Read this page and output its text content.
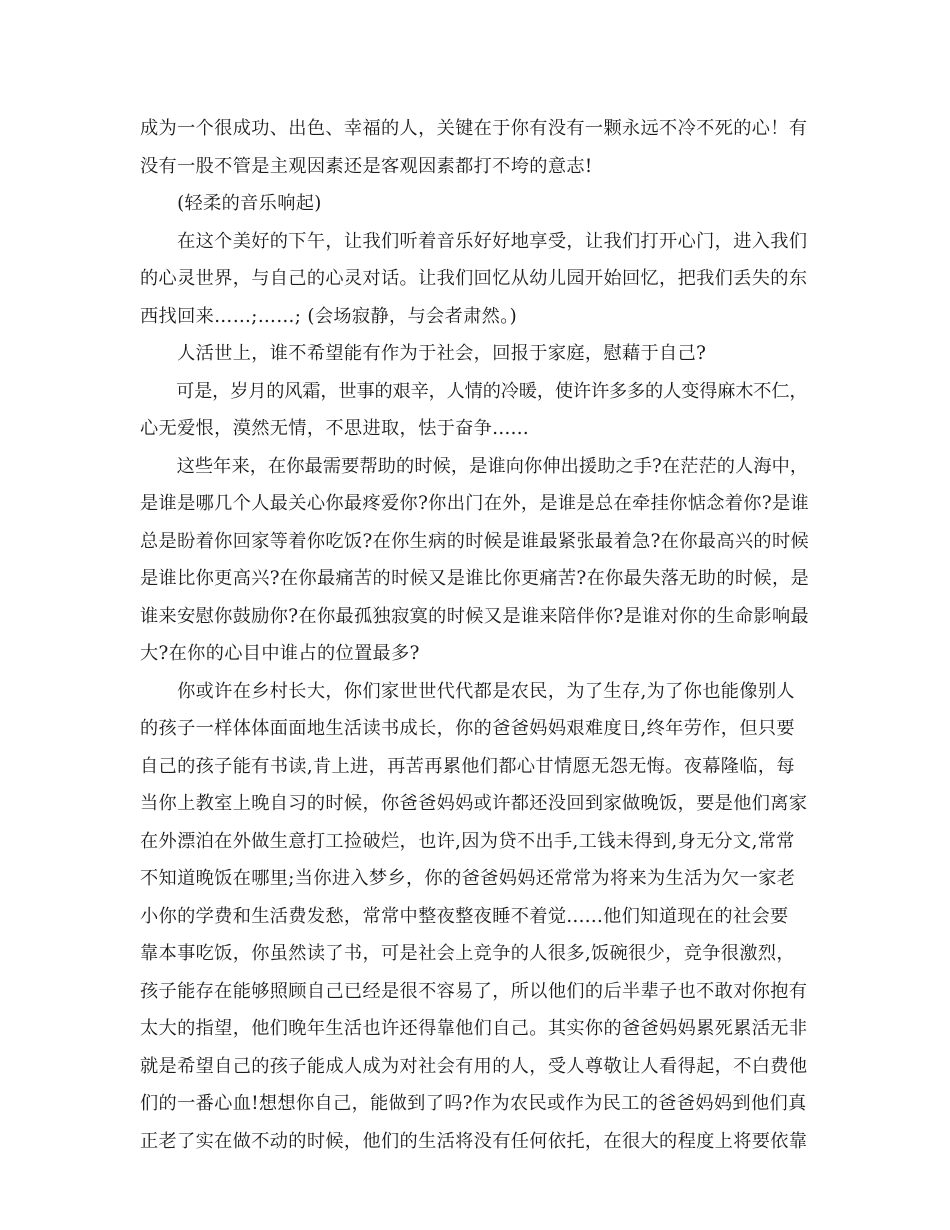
成为一个很成功、出色、幸福的人，关键在于你有没有一颗永远不冷不死的心！有
没有一股不管是主观因素还是客观因素都打不垮的意志!
　　(轻柔的音乐响起)
　　在这个美好的下午，让我们听着音乐好好地享受，让我们打开心门，进入我们
的心灵世界，与自己的心灵对话。让我们回忆从幼儿园开始回忆，把我们丢失的东
西找回来……;……; (会场寂静，与会者肃然。)
　　人活世上，谁不希望能有作为于社会，回报于家庭，慰藉于自己?
　　可是，岁月的风霜，世事的艰辛，人情的冷暖，使许许多多的人变得麻木不仁，
心无爱恨，漠然无情，不思进取，怯于奋争......
　　这些年来，在你最需要帮助的时候，是谁向你伸出援助之手?在茫茫的人海中，
是谁是哪几个人最关心你最疼爱你?你出门在外，是谁是总在牵挂你惦念着你?是谁
总是盼着你回家等着你吃饭?在你生病的时候是谁最紧张最着急?在你最高兴的时候
是谁比你更高兴?在你最痛苦的时候又是谁比你更痛苦?在你最失落无助的时候，是
谁来安慰你鼓励你?在你最孤独寂寞的时候又是谁来陪伴你?是谁对你的生命影响最
大?在你的心目中谁占的位置最多?
　　你或许在乡村长大，你们家世世代代都是农民，为了生存,为了你也能像别人
的孩子一样体体面面地生活读书成长，你的爸爸妈妈艰难度日,终年劳作，但只要
自己的孩子能有书读,肯上进，再苦再累他们都心甘情愿无怨无悔。夜幕隆临，每
当你上教室上晚自习的时候，你爸爸妈妈或许都还没回到家做晚饭，要是他们离家
在外漂泊在外做生意打工捡破烂，也许,因为贷不出手,工钱未得到,身无分文,常常
不知道晚饭在哪里;当你进入梦乡，你的爸爸妈妈还常常为将来为生活为欠一家老
小你的学费和生活费发愁，常常中整夜整夜睡不着觉......他们知道现在的社会要
靠本事吃饭，你虽然读了书，可是社会上竞争的人很多,饭碗很少，竞争很激烈，
孩子能存在能够照顾自己已经是很不容易了，所以他们的后半辈子也不敢对你抱有
太大的指望，他们晚年生活也许还得靠他们自己。其实你的爸爸妈妈累死累活无非
就是希望自己的孩子能成人成为对社会有用的人，受人尊敬让人看得起，不白费他
们的一番心血!想想你自己，能做到了吗?作为农民或作为民工的爸爸妈妈到他们真
正老了实在做不动的时候，他们的生活将没有任何依托，在很大的程度上将要依靠
